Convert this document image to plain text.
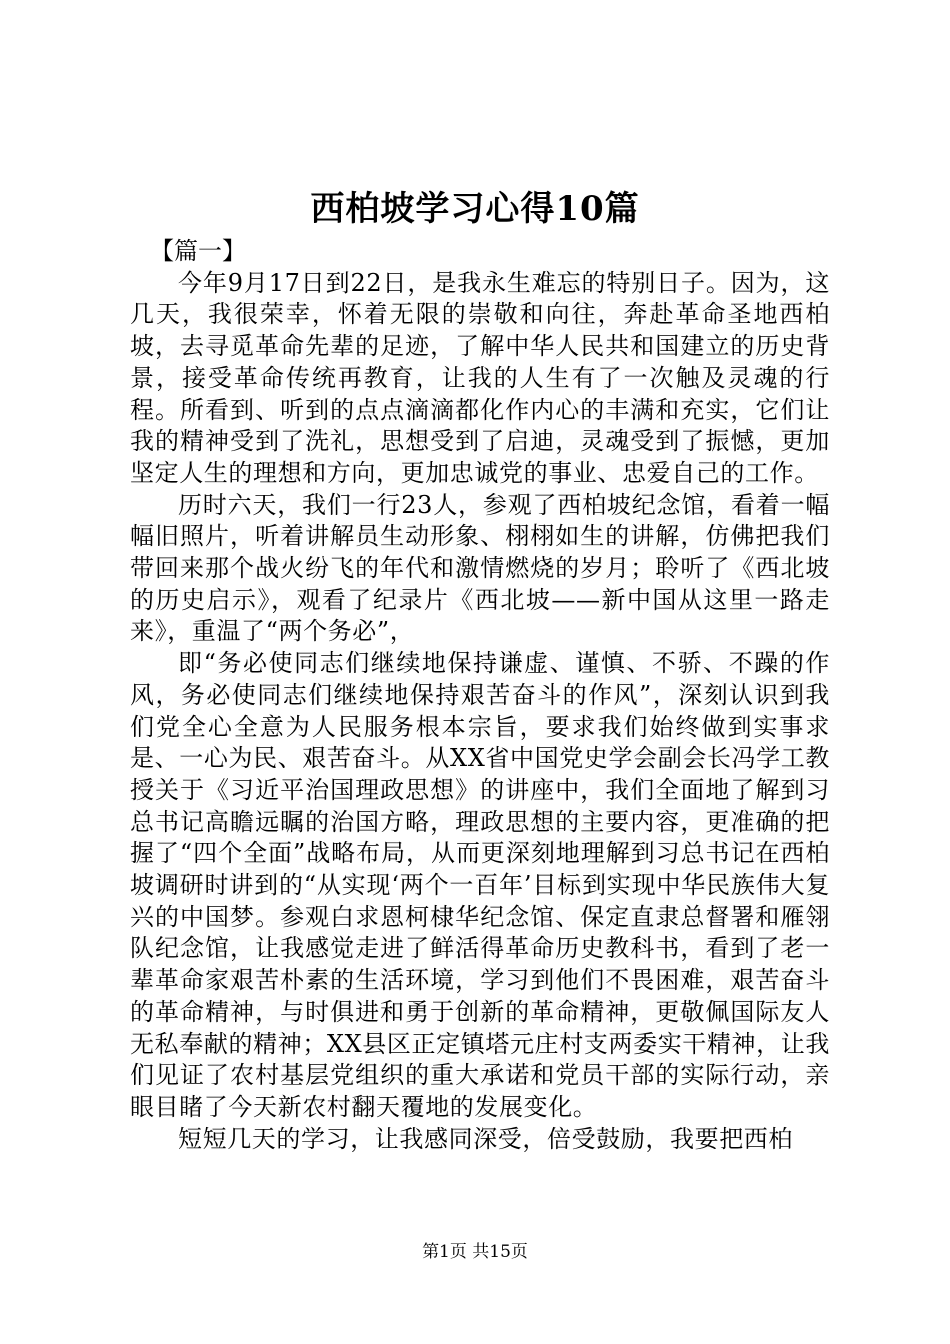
西柏坡学习心得10篇

【篇一】

今年9月17日到22日，是我永生难忘的特别日子。因为，这几天，我很荣幸，怀着无限的崇敬和向往，奔赴革命圣地西柏坡，去寻觅革命先辈的足迹，了解中华人民共和国建立的历史背景，接受革命传统再教育，让我的人生有了一次触及灵魂的行程。所看到、听到的点点滴滴都化作内心的丰满和充实，它们让我的精神受到了洗礼，思想受到了启迪，灵魂受到了振憾，更加坚定人生的理想和方向，更加忠诚党的事业、忠爱自己的工作。

历时六天，我们一行23人，参观了西柏坡纪念馆，看着一幅幅旧照片，听着讲解员生动形象、栩栩如生的讲解，仿佛把我们带回来那个战火纷飞的年代和激情燃烧的岁月；聆听了《西北坡的历史启示》，观看了纪录片《西北坡——新中国从这里一路走来》，重温了“两个务必”，

即“务必使同志们继续地保持谦虚、谨慎、不骄、不躁的作风，务必使同志们继续地保持艰苦奋斗的作风”，深刻认识到我们党全心全意为人民服务根本宗旨，要求我们始终做到实事求是、一心为民、艰苦奋斗。从XX省中国党史学会副会长冯学工教授关于《习近平治国理政思想》的讲座中，我们全面地了解到习总书记高瞻远瞩的治国方略，理政思想的主要内容，更准确的把握了“四个全面”战略布局，从而更深刻地理解到习总书记在西柏坡调研时讲到的“从实现‘两个一百年’目标到实现中华民族伟大复兴的中国梦。参观白求恩柯棣华纪念馆、保定直隶总督署和雁翎队纪念馆，让我感觉走进了鲜活得革命历史教科书，看到了老一辈革命家艰苦朴素的生活环境，学习到他们不畏困难，艰苦奋斗的革命精神，与时俱进和勇于创新的革命精神，更敬佩国际友人无私奉献的精神；XX县区正定镇塔元庄村支两委实干精神，让我们见证了农村基层党组织的重大承诺和党员干部的实际行动，亲眼目睹了今天新农村翻天覆地的发展变化。

短短几天的学习，让我感同深受，倍受鼓励，我要把西柏

第1页 共15页
